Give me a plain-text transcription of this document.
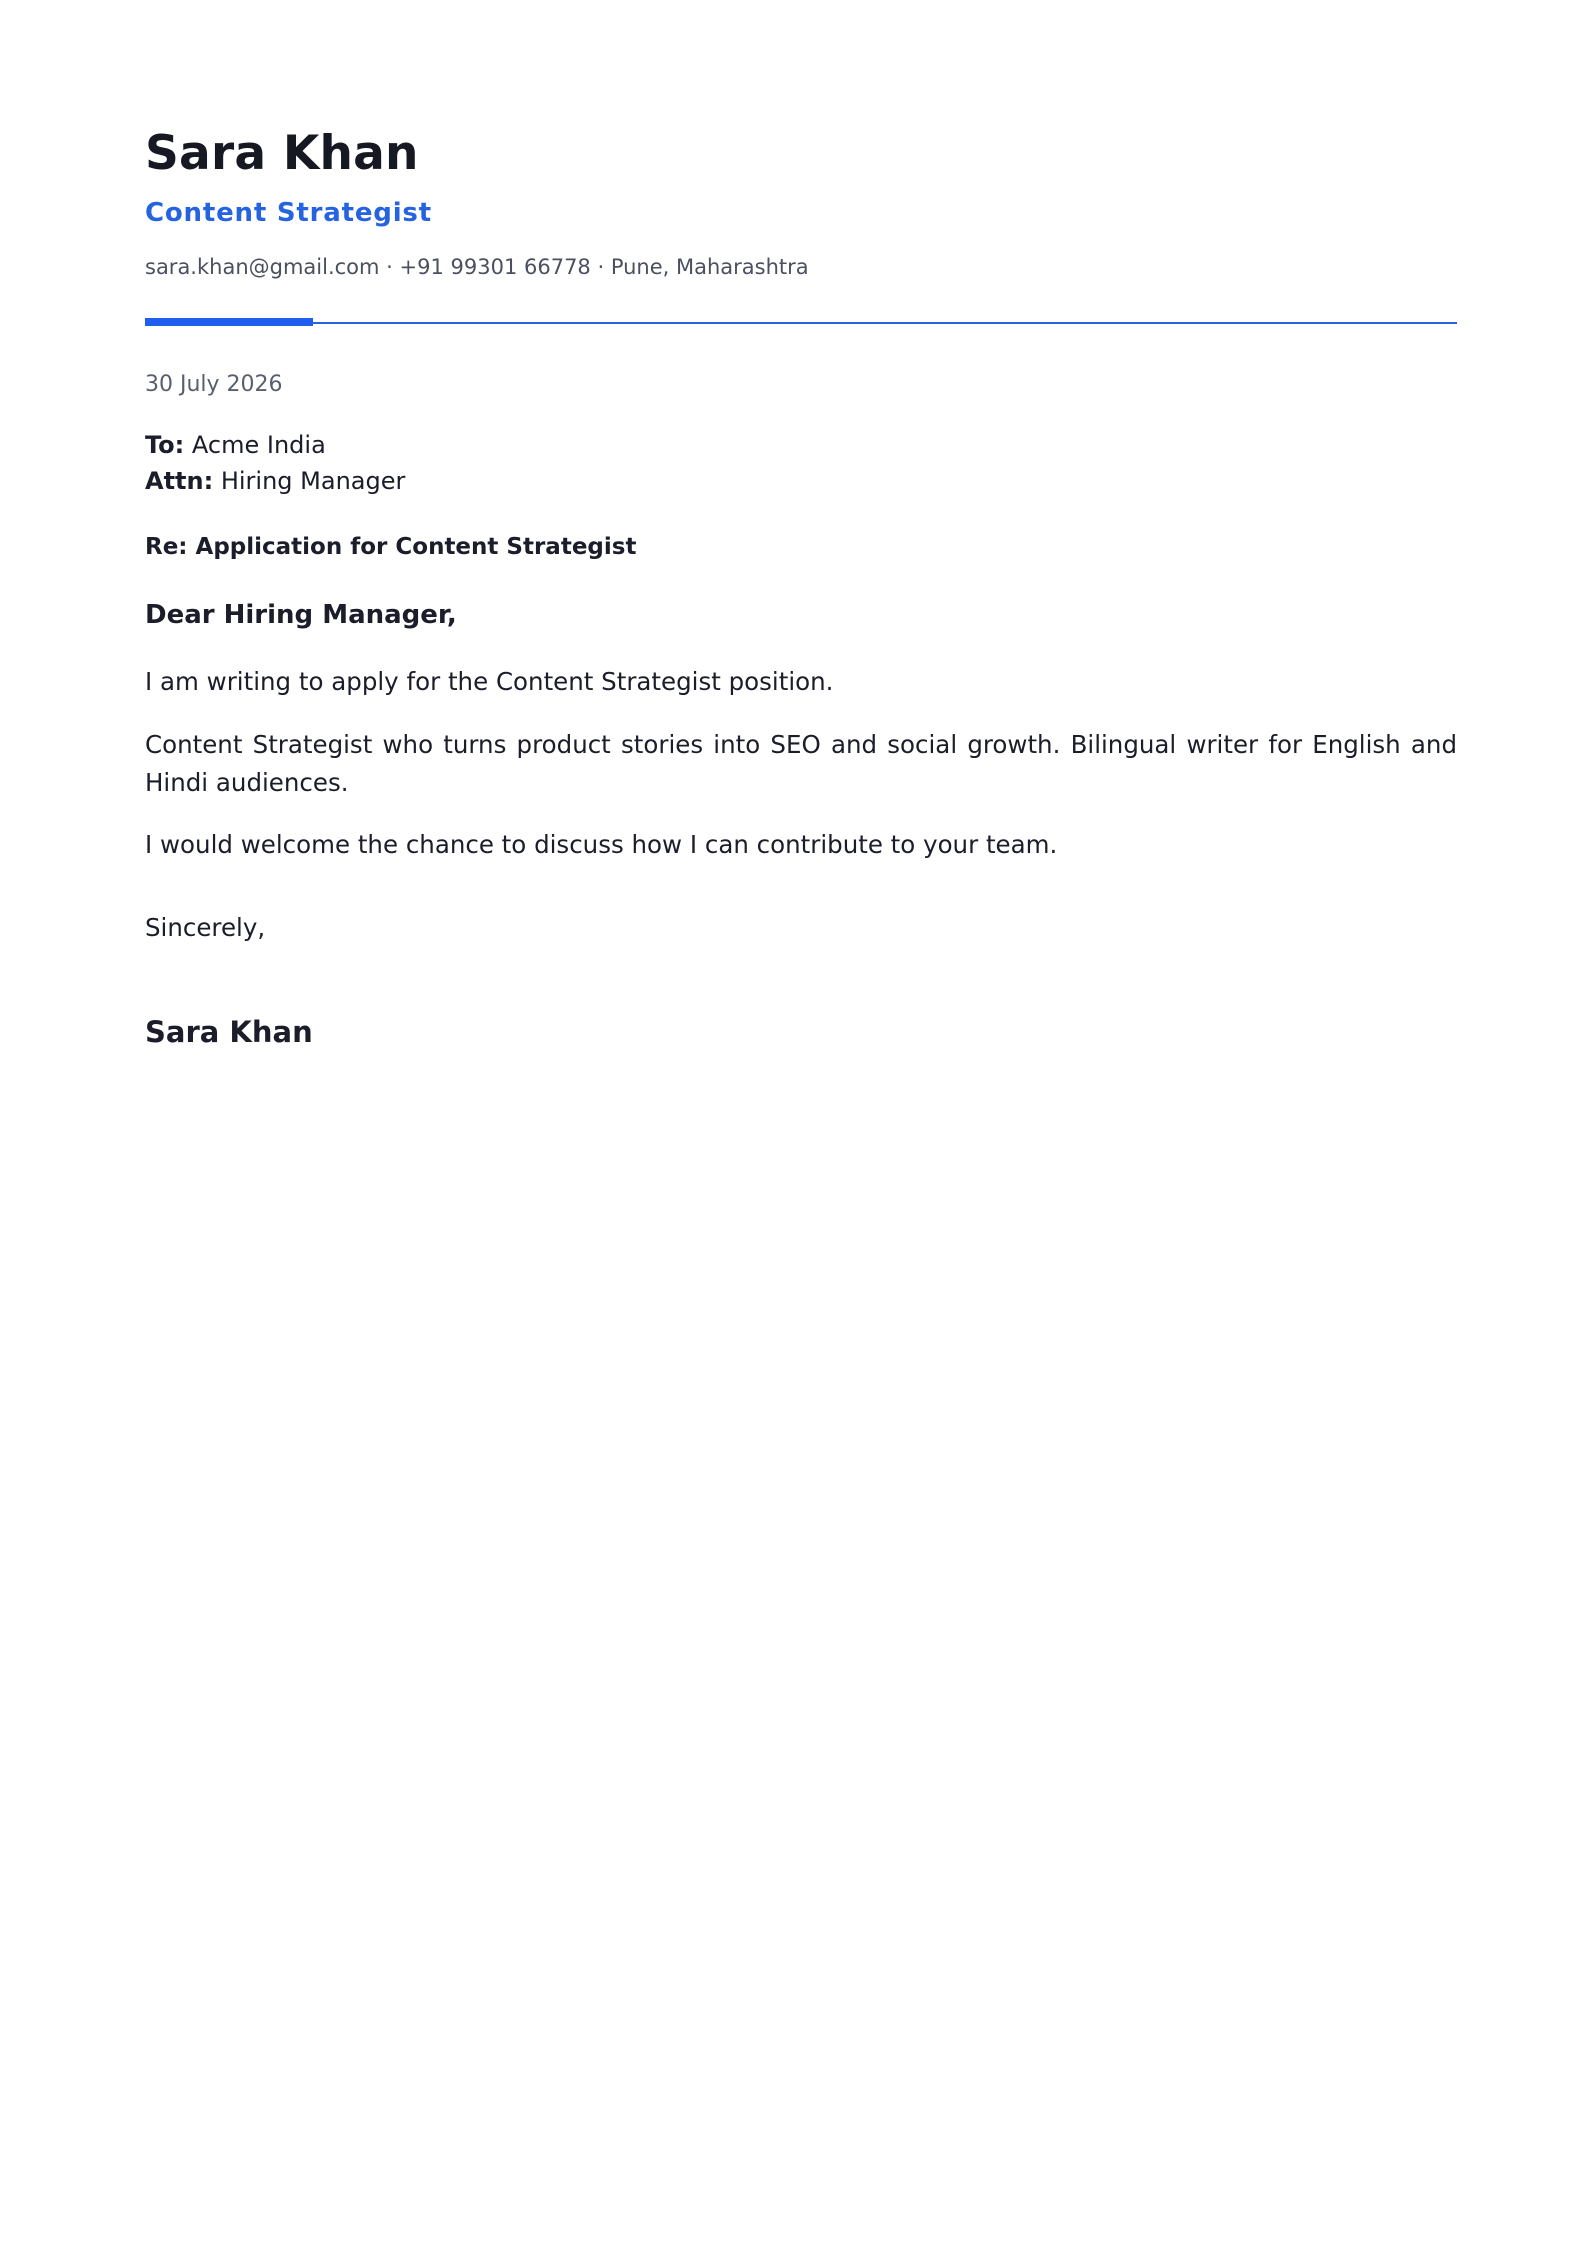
Sara Khan
Content Strategist
sara.khan@gmail.com · +91 99301 66778 · Pune, Maharashtra
30 July 2026
To: Acme India
Attn: Hiring Manager
Re: Application for Content Strategist
Dear Hiring Manager,

I am writing to apply for the Content Strategist position.

Content Strategist who turns product stories into SEO and social growth. Bilingual writer for English and Hindi audiences.

I would welcome the chance to discuss how I can contribute to your team.

Sincerely,
Sara Khan
